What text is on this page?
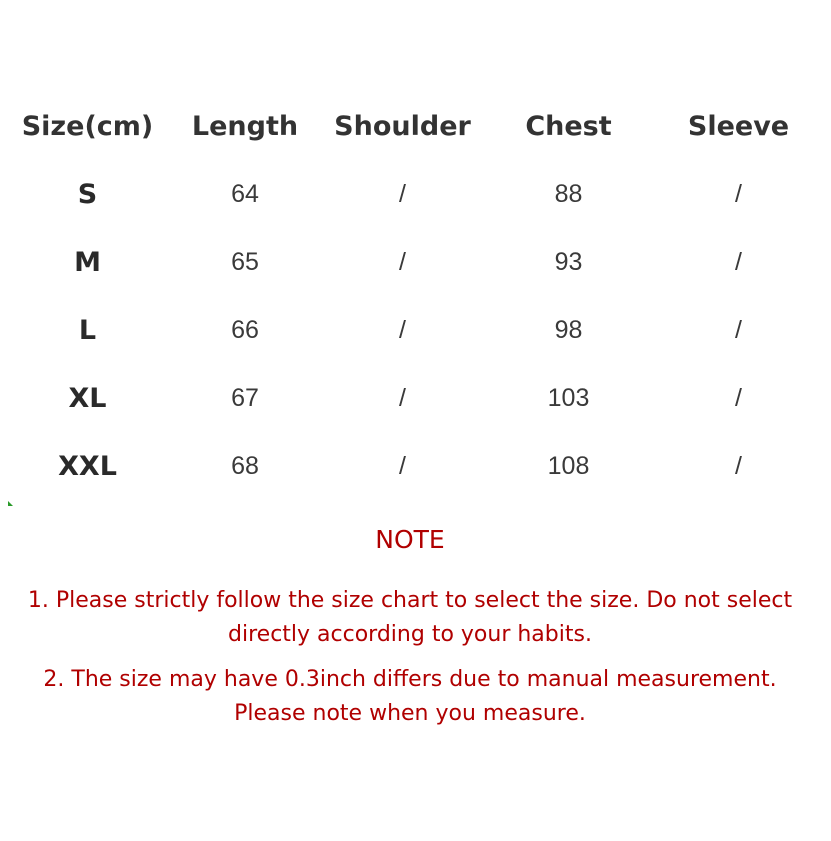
Size(cm)	Length	Shoulder	Chest	Sleeve
S	64	/	88	/
M	65	/	93	/
L	66	/	98	/
XL	67	/	103	/
XXL	68	/	108	/
NOTE
1. Please strictly follow the size chart to select the size. Do not select directly according to your habits.
2. The size may have 0.3inch differs due to manual measurement. Please note when you measure.
